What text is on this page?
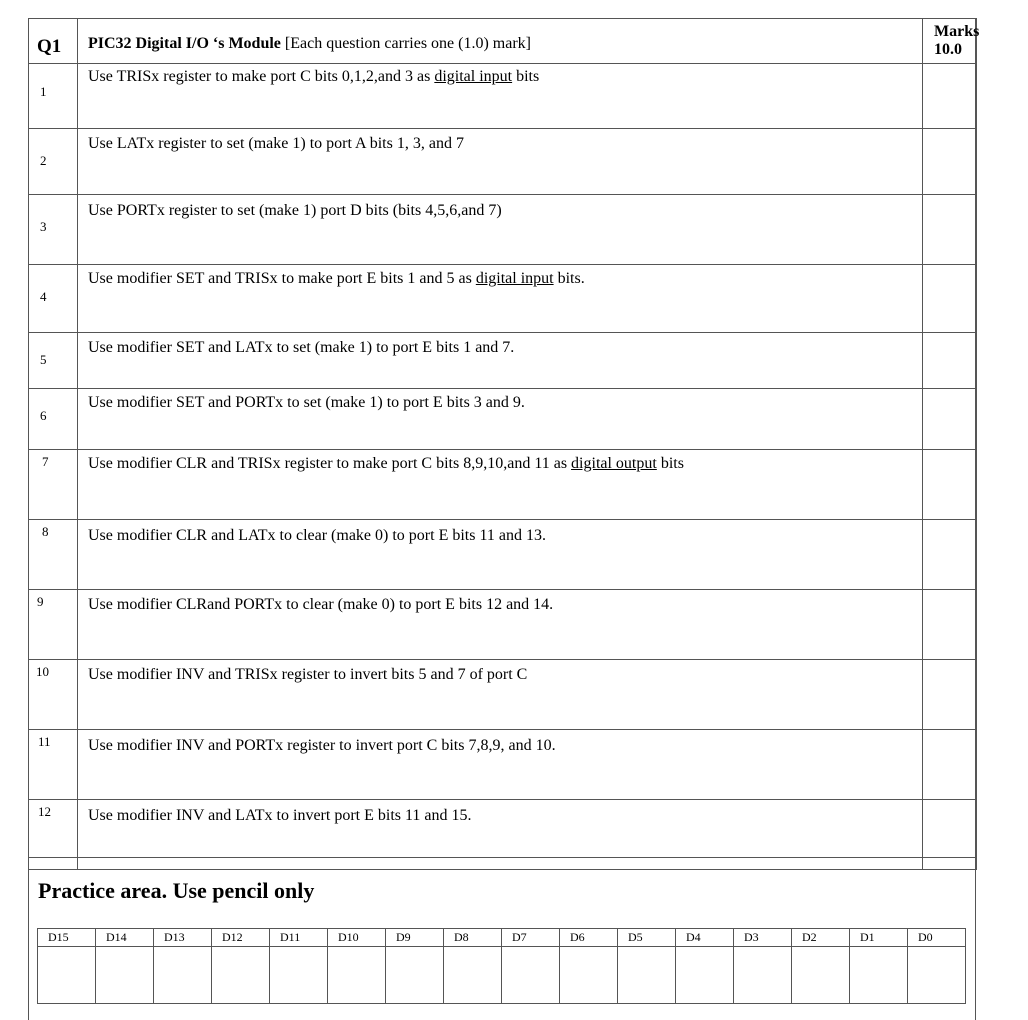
Q1	PIC32 Digital I/O ‘s Module [Each question carries one (1.0) mark]	Marks
10.0

1	Use TRISx register to make port C bits 0,1,2,and 3 as digital input bits	

2	Use LATx register to set (make 1) to port A bits 1, 3, and 7	

3	Use PORTx register to set (make 1) port D bits (bits 4,5,6,and 7)	

4	Use modifier SET and TRISx to make port E bits 1 and 5 as digital input bits.	

5	Use modifier SET and LATx to set (make 1) to port E bits 1 and 7.	

6	Use modifier SET and PORTx to set (make 1) to port E bits 3 and 9.	

7	Use modifier CLR and TRISx register to make port C bits 8,9,10,and 11 as digital output bits	

8	Use modifier CLR and LATx to clear (make 0) to port E bits 11 and 13.	

9	Use modifier CLRand PORTx to clear (make 0) to port E bits 12 and 14.	

10	Use modifier INV and TRISx register to invert bits 5 and 7 of port C	

11	Use modifier INV and PORTx register to invert port C bits 7,8,9, and 10.	

12	Use modifier INV and LATx to invert port E bits 11 and 15.	

Practice area. Use pencil only
D15	D14	D13	D12	D11	D10	D9	D8	D7	D6	D5	D4	D3	D2	D1	D0
